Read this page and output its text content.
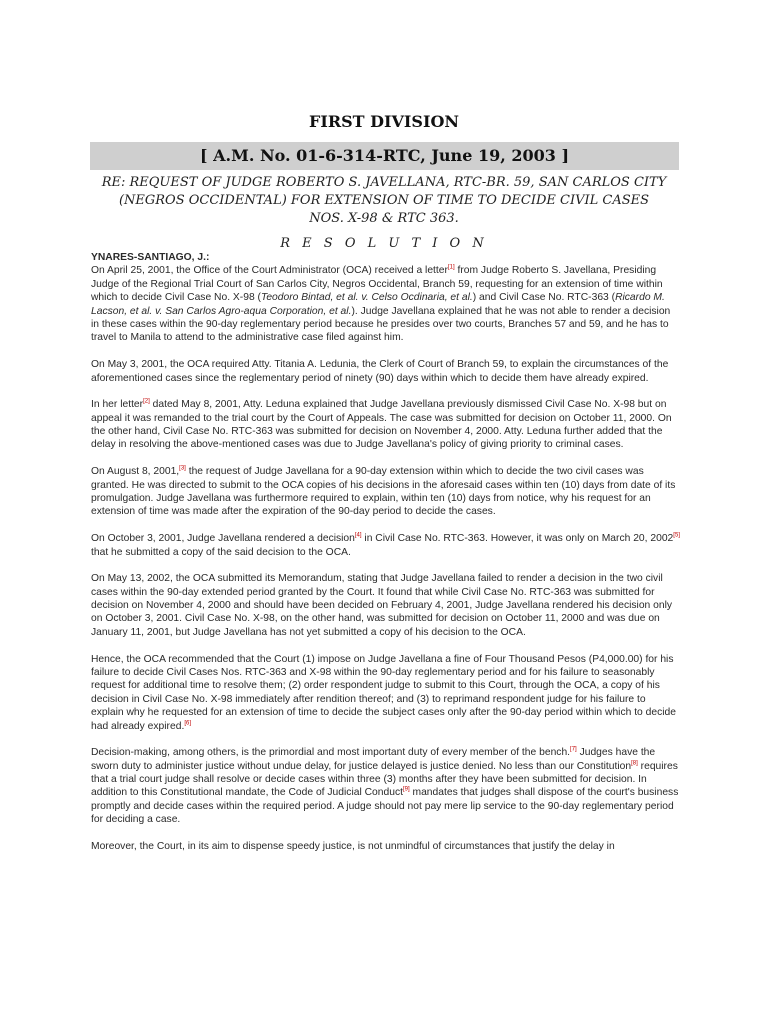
FIRST DIVISION
[ A.M. No. 01-6-314-RTC, June 19, 2003 ]
RE: REQUEST OF JUDGE ROBERTO S. JAVELLANA, RTC-BR. 59, SAN CARLOS CITY (NEGROS OCCIDENTAL) FOR EXTENSION OF TIME TO DECIDE CIVIL CASES NOS. X-98 & RTC 363.
R E S O L U T I O N
YNARES-SANTIAGO, J.:

On April 25, 2001, the Office of the Court Administrator (OCA) received a letter[1] from Judge Roberto S. Javellana, Presiding Judge of the Regional Trial Court of San Carlos City, Negros Occidental, Branch 59, requesting for an extension of time within which to decide Civil Case No. X-98 (Teodoro Bintad, et al. v. Celso Ocdinaria, et al.) and Civil Case No. RTC-363 (Ricardo M. Lacson, et al. v. San Carlos Agro-aqua Corporation, et al.). Judge Javellana explained that he was not able to render a decision in these cases within the 90-day reglementary period because he presides over two courts, Branches 57 and 59, and he has to travel to Manila to attend to the administrative case filed against him.

On May 3, 2001, the OCA required Atty. Titania A. Ledunia, the Clerk of Court of Branch 59, to explain the circumstances of the aforementioned cases since the reglementary period of ninety (90) days within which to decide them have already expired.

In her letter[2] dated May 8, 2001, Atty. Leduna explained that Judge Javellana previously dismissed Civil Case No. X-98 but on appeal it was remanded to the trial court by the Court of Appeals. The case was submitted for decision on October 11, 2000. On the other hand, Civil Case No. RTC-363 was submitted for decision on November 4, 2000. Atty. Leduna further added that the delay in resolving the above-mentioned cases was due to Judge Javellana's policy of giving priority to criminal cases.

On August 8, 2001,[3] the request of Judge Javellana for a 90-day extension within which to decide the two civil cases was granted. He was directed to submit to the OCA copies of his decisions in the aforesaid cases within ten (10) days from date of its promulgation. Judge Javellana was furthermore required to explain, within ten (10) days from notice, why his request for an extension of time was made after the expiration of the 90-day period to decide the cases.

On October 3, 2001, Judge Javellana rendered a decision[4] in Civil Case No. RTC-363. However, it was only on March 20, 2002[5] that he submitted a copy of the said decision to the OCA.

On May 13, 2002, the OCA submitted its Memorandum, stating that Judge Javellana failed to render a decision in the two civil cases within the 90-day extended period granted by the Court. It found that while Civil Case No. RTC-363 was submitted for decision on November 4, 2000 and should have been decided on February 4, 2001, Judge Javellana rendered his decision only on October 3, 2001. Civil Case No. X-98, on the other hand, was submitted for decision on October 11, 2000 and was due on January 11, 2001, but Judge Javellana has not yet submitted a copy of his decision to the OCA.

Hence, the OCA recommended that the Court (1) impose on Judge Javellana a fine of Four Thousand Pesos (P4,000.00) for his failure to decide Civil Cases Nos. RTC-363 and X-98 within the 90-day reglementary period and for his failure to seasonably request for additional time to resolve them; (2) order respondent judge to submit to this Court, through the OCA, a copy of his decision in Civil Case No. X-98 immediately after rendition thereof; and (3) to reprimand respondent judge for his failure to explain why he requested for an extension of time to decide the subject cases only after the 90-day period within which to decide had already expired.[6]

Decision-making, among others, is the primordial and most important duty of every member of the bench.[7] Judges have the sworn duty to administer justice without undue delay, for justice delayed is justice denied. No less than our Constitution[8] requires that a trial court judge shall resolve or decide cases within three (3) months after they have been submitted for decision. In addition to this Constitutional mandate, the Code of Judicial Conduct[9] mandates that judges shall dispose of the court's business promptly and decide cases within the required period. A judge should not pay mere lip service to the 90-day reglementary period for deciding a case.

Moreover, the Court, in its aim to dispense speedy justice, is not unmindful of circumstances that justify the delay in
